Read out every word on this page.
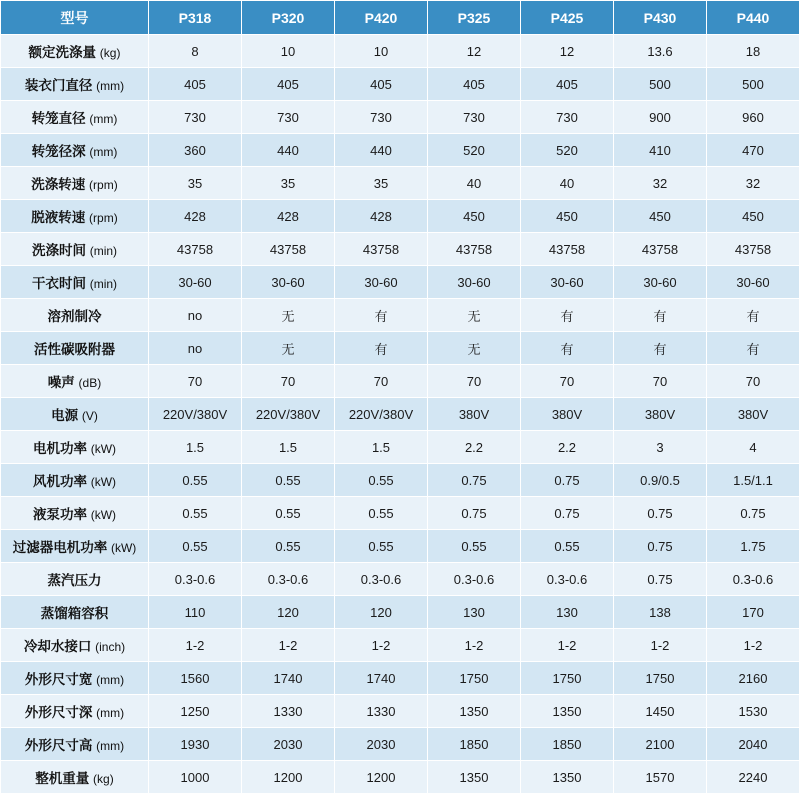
型号	P318	P320	P420	P325	P425	P430	P440
额定洗涤量 (kg)	8	10	10	12	12	13.6	18
装衣门直径 (mm)	405	405	405	405	405	500	500
转笼直径 (mm)	730	730	730	730	730	900	960
转笼径深 (mm)	360	440	440	520	520	410	470
洗涤转速 (rpm)	35	35	35	40	40	32	32
脱液转速 (rpm)	428	428	428	450	450	450	450
洗涤时间 (min)	43758	43758	43758	43758	43758	43758	43758
干衣时间 (min)	30-60	30-60	30-60	30-60	30-60	30-60	30-60
溶剂制冷	no	无	有	无	有	有	有
活性碳吸附器	no	无	有	无	有	有	有
噪声 (dB)	70	70	70	70	70	70	70
电源 (V)	220V/380V	220V/380V	220V/380V	380V	380V	380V	380V
电机功率 (kW)	1.5	1.5	1.5	2.2	2.2	3	4
风机功率 (kW)	0.55	0.55	0.55	0.75	0.75	0.9/0.5	1.5/1.1
液泵功率 (kW)	0.55	0.55	0.55	0.75	0.75	0.75	0.75
过滤器电机功率 (kW)	0.55	0.55	0.55	0.55	0.55	0.75	1.75
蒸汽压力	0.3-0.6	0.3-0.6	0.3-0.6	0.3-0.6	0.3-0.6	0.75	0.3-0.6
蒸馏箱容积	110	120	120	130	130	138	170
冷却水接口 (inch)	1-2	1-2	1-2	1-2	1-2	1-2	1-2
外形尺寸宽 (mm)	1560	1740	1740	1750	1750	1750	2160
外形尺寸深 (mm)	1250	1330	1330	1350	1350	1450	1530
外形尺寸高 (mm)	1930	2030	2030	1850	1850	2100	2040
整机重量 (kg)	1000	1200	1200	1350	1350	1570	2240
